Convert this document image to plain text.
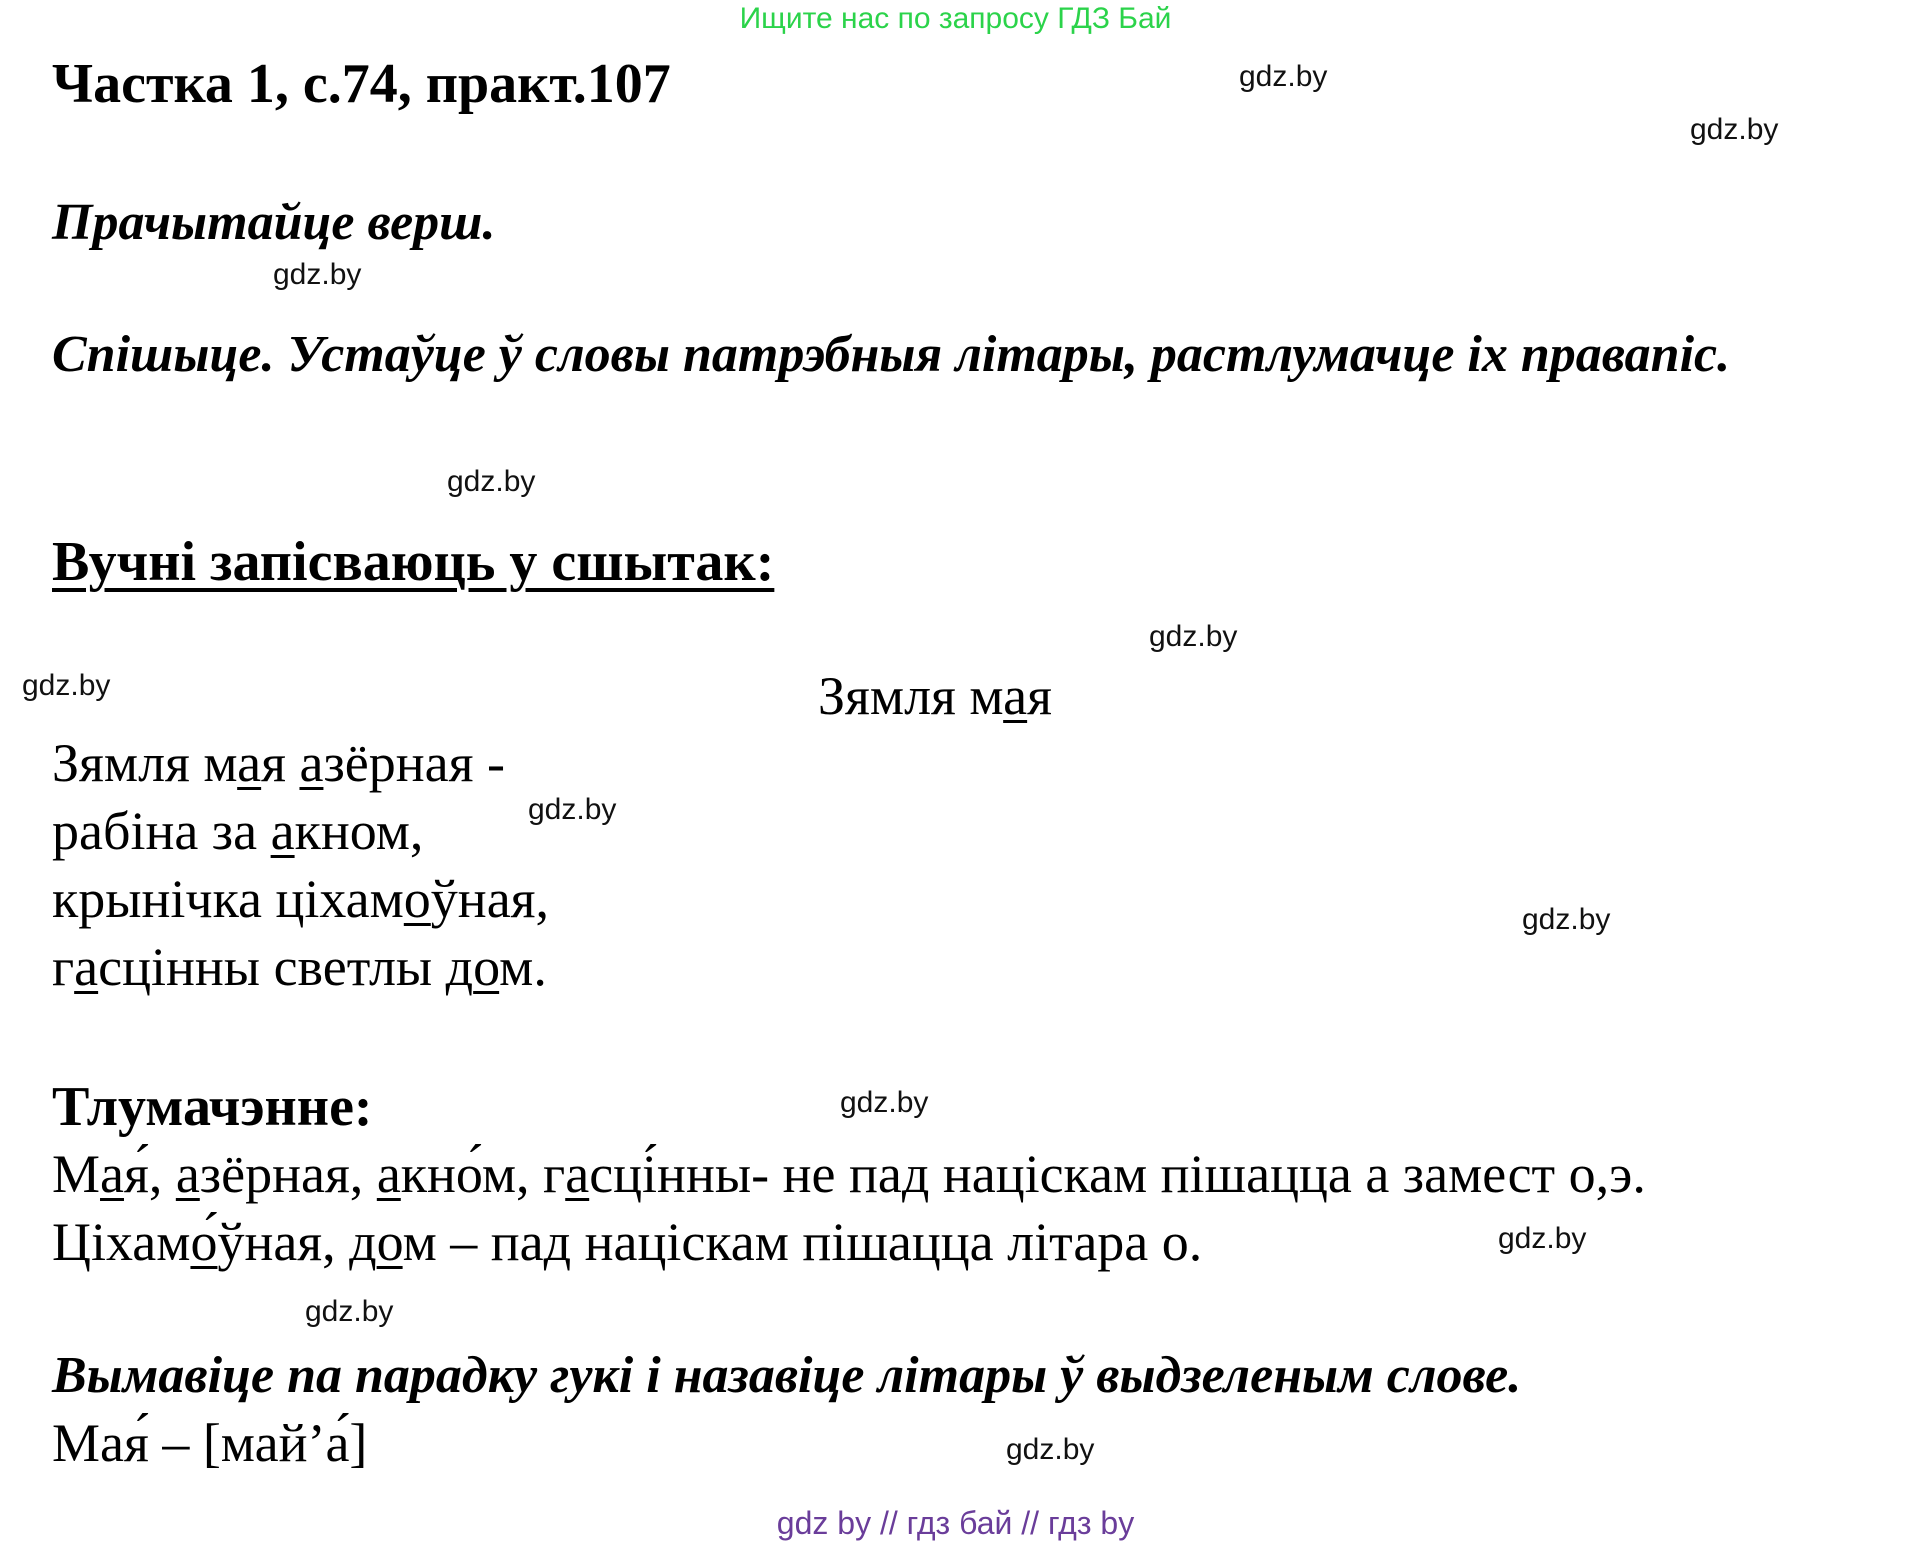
Ищите нас по запросу ГДЗ Бай
Частка 1, с.74, практ.107
Прачытайце верш.
Спішыце. Устаўце ў словы патрэбныя літары, растлумачце іх правапіс.
Вучні запісваюць у сшытак:
Зямля мая
Зямля мая азёрная -
рабіна за акном,
крынічка ціхамоўная,
гасцінны светлы дом.
Тлумачэнне:
Мая́, азёрная, акно́м, гасці́нны- не пад націскам пішацца а замест о,э.
Ціхамо́ўная, дом – пад націскам пішацца літара о.
Вымавіце па парадку гукі і назавіце літары ў выдзеленым слове.
Мая́ – [май’а́]
gdz.by
gdz.by
gdz.by
gdz.by
gdz.by
gdz.by
gdz.by
gdz.by
gdz.by
gdz.by
gdz.by
gdz.by
gdz by // гдз бай // гдз by
